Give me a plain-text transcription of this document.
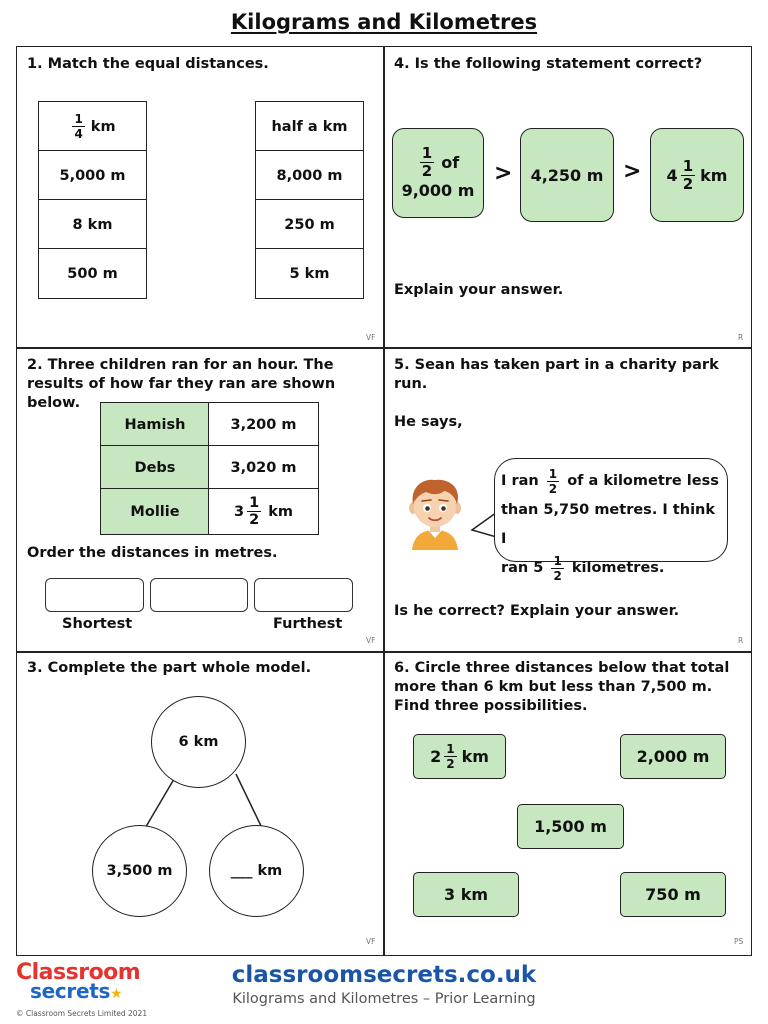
Kilograms and Kilometres
1. Match the equal distances.
$\frac{1}{4}$ km
5,000 m
8 km
500 m
half a km
8,000 m
250 m
5 km
VF
4. Is the following statement correct?
$\frac{1}{2}$ of
9,000 m
>	4,250 $m > 4 \frac{1}{2}$ km
Explain your answer.
R
2. Three children ran for an hour. The
results of how far they ran are shown
below.
Hamish	3,200 m
Debs	3,020 m
Mollie	$3 \frac{1}{2}$ km
Order the distances in metres.
Shortest	Furthest
VF
5. Sean has taken part in a charity park
run.
He says,
I ran $\frac{1}{2}$ of a kilometre less
than 5,750 metres. I think I
ran $5 \frac{1}{2}$ kilometres.
Is he correct? Explain your answer.
R
3. Complete the part whole model.
6 km
3,500 m	___ km
VF
6. Circle three distances below that total
more than 6 km but less than 7,500 m.
Find three possibilities.
$2 \frac{1}{2}$ km	2,000 m
1,500 m
3 km	750 m
PS
Classroom
secrets★
© Classroom Secrets Limited 2021
classroomsecrets.co.uk
Kilograms and Kilometres – Prior Learning
